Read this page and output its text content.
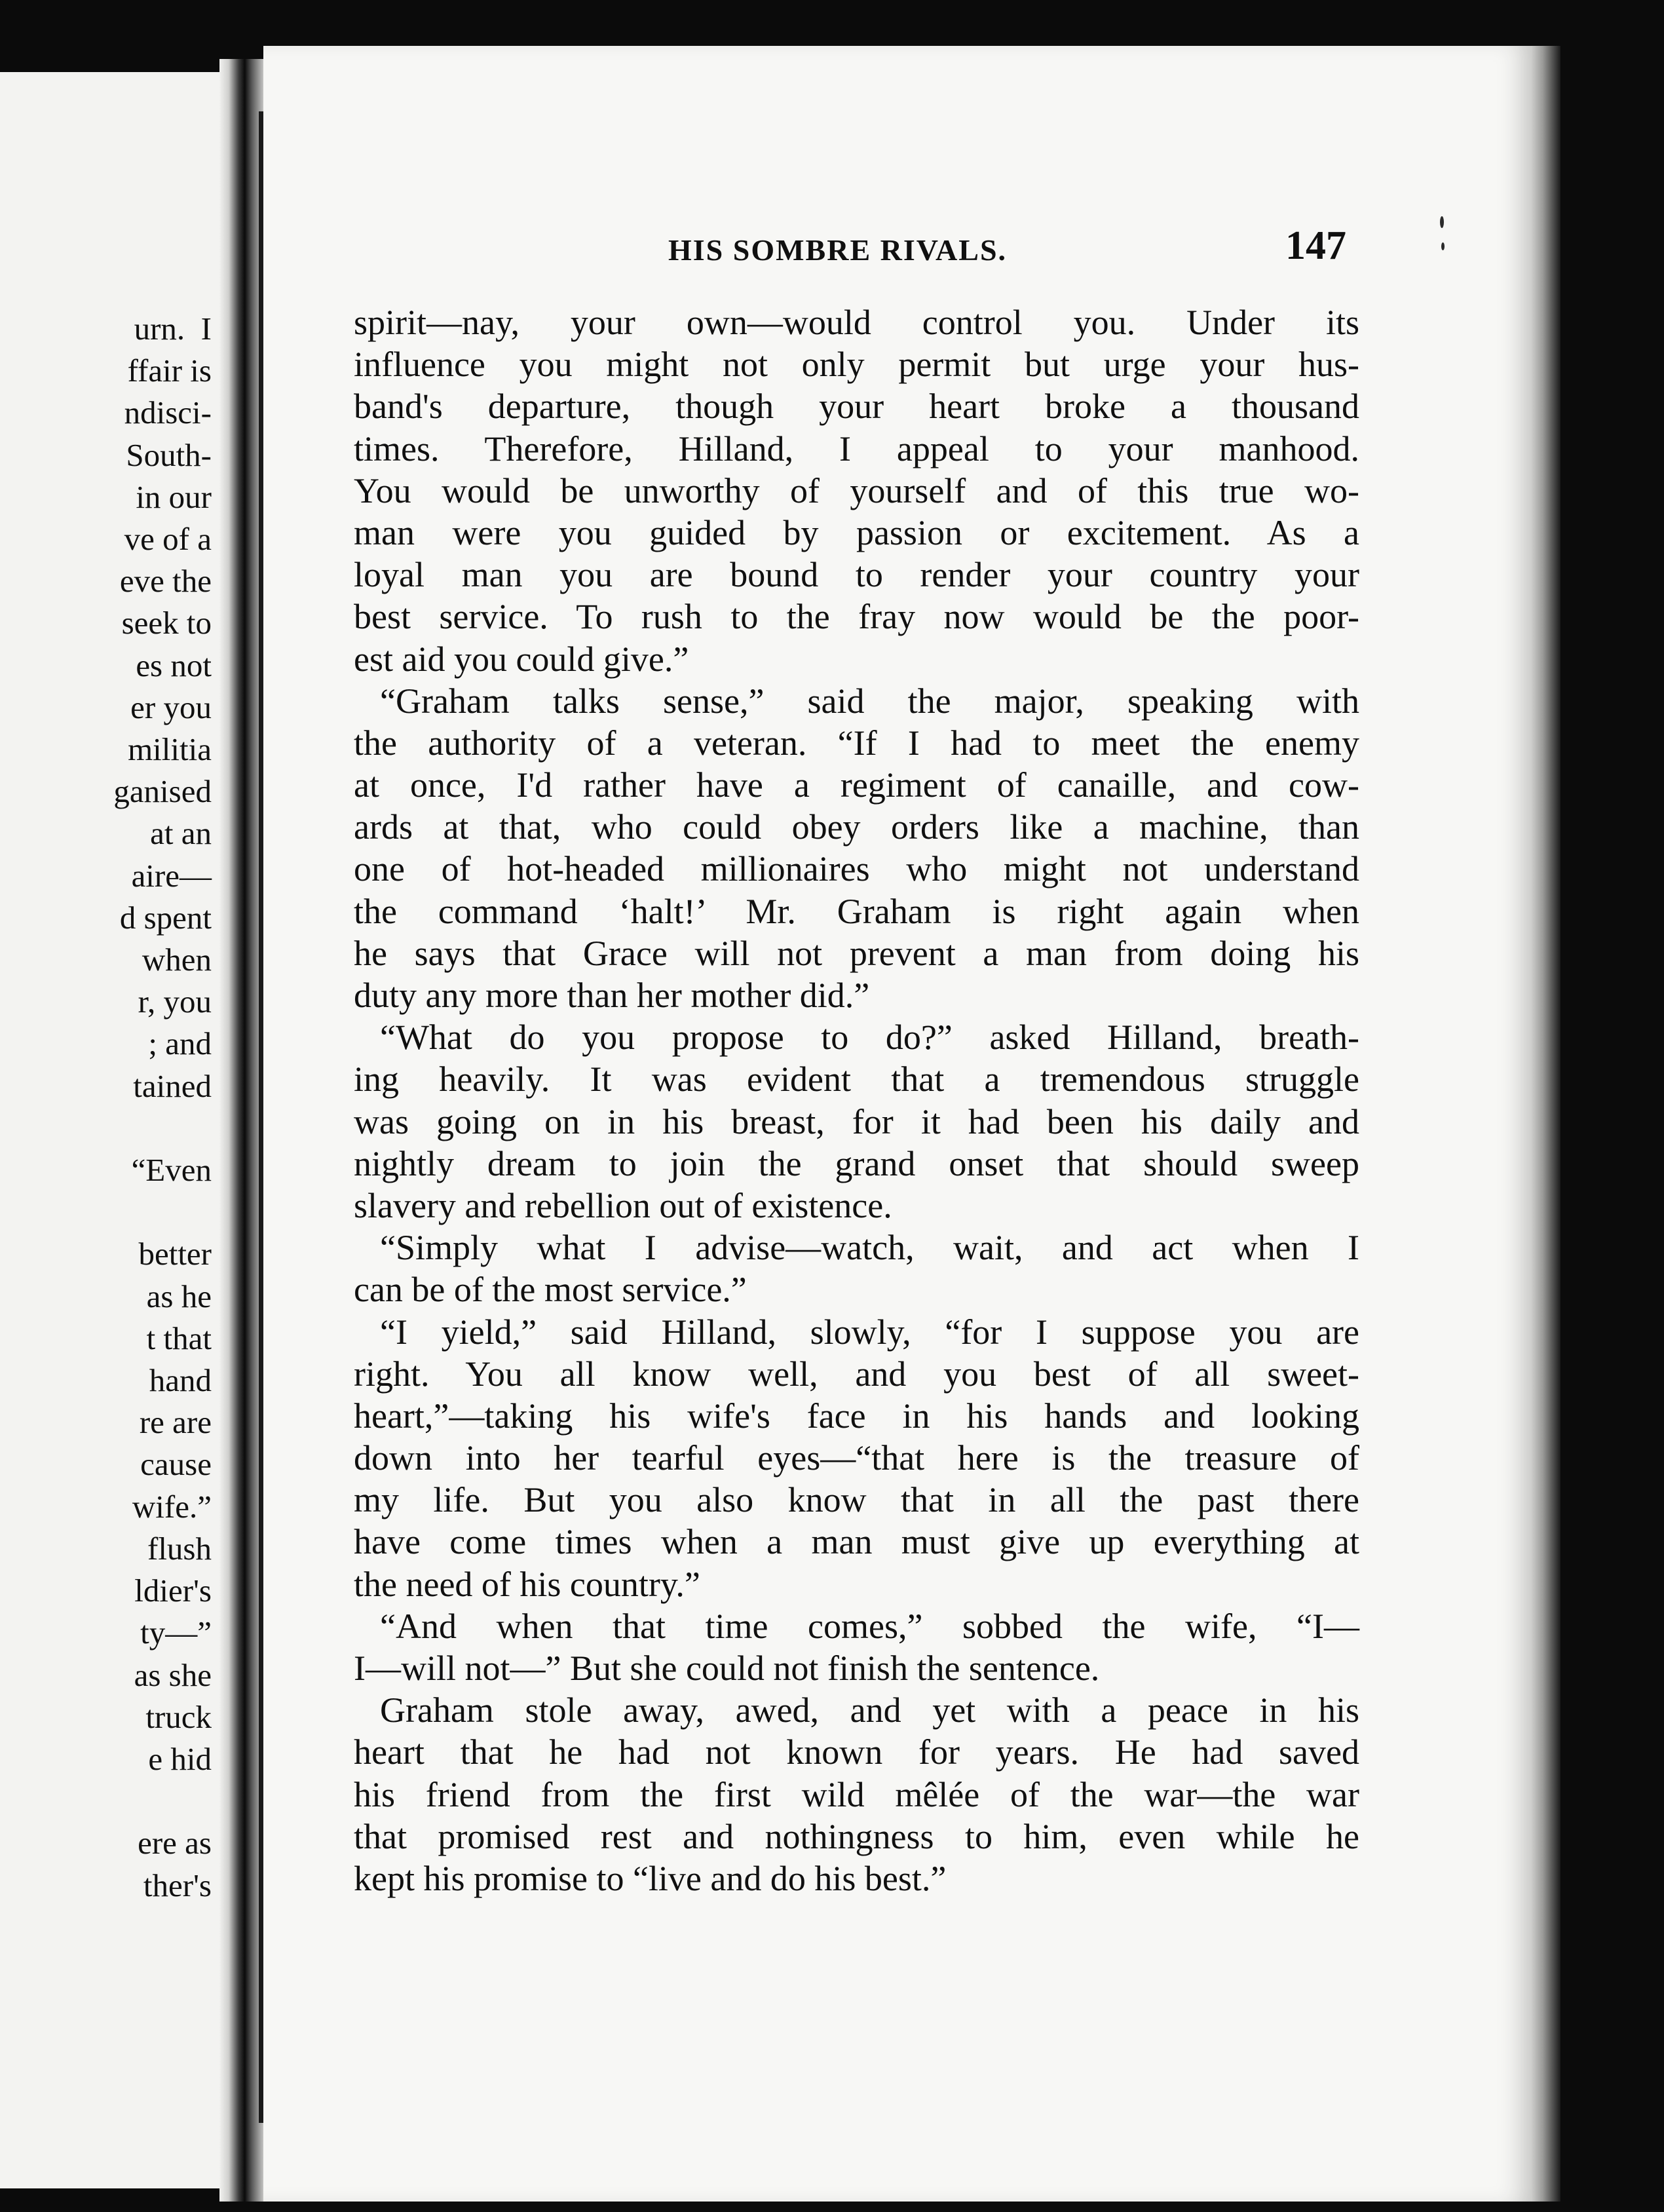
urn.  I
ffair is
ndisci-
South-
in our
ve of a
eve the
seek to
es not
er you
militia
ganised
at an
aire—
d spent
when
r, you
; and
tained

“Even

better
as he
t that
hand
re are
cause
wife.”
flush
ldier's
ty—”
as she
truck
e hid

ere as
ther's
HIS SOMBRE RIVALS.	147
spirit—nay, your own—would control you. Under its
influence you might not only permit but urge your hus-
band's departure, though your heart broke a thousand
times. Therefore, Hilland, I appeal to your manhood.
You would be unworthy of yourself and of this true wo-
man were you guided by passion or excitement. As a
loyal man you are bound to render your country your
best service. To rush to the fray now would be the poor-
est aid you could give.”
“Graham talks sense,” said the major, speaking with
the authority of a veteran. “If I had to meet the enemy
at once, I'd rather have a regiment of canaille, and cow-
ards at that, who could obey orders like a machine, than
one of hot-headed millionaires who might not understand
the command ‘halt!’ Mr. Graham is right again when
he says that Grace will not prevent a man from doing his
duty any more than her mother did.”
“What do you propose to do?” asked Hilland, breath-
ing heavily. It was evident that a tremendous struggle
was going on in his breast, for it had been his daily and
nightly dream to join the grand onset that should sweep
slavery and rebellion out of existence.
“Simply what I advise—watch, wait, and act when I
can be of the most service.”
“I yield,” said Hilland, slowly, “for I suppose you are
right. You all know well, and you best of all sweet-
heart,”—taking his wife's face in his hands and looking
down into her tearful eyes—“that here is the treasure of
my life. But you also know that in all the past there
have come times when a man must give up everything at
the need of his country.”
“And when that time comes,” sobbed the wife, “I—
I—will not—” But she could not finish the sentence.
Graham stole away, awed, and yet with a peace in his
heart that he had not known for years. He had saved
his friend from the first wild mêlée of the war—the war
that promised rest and nothingness to him, even while he
kept his promise to “live and do his best.”
